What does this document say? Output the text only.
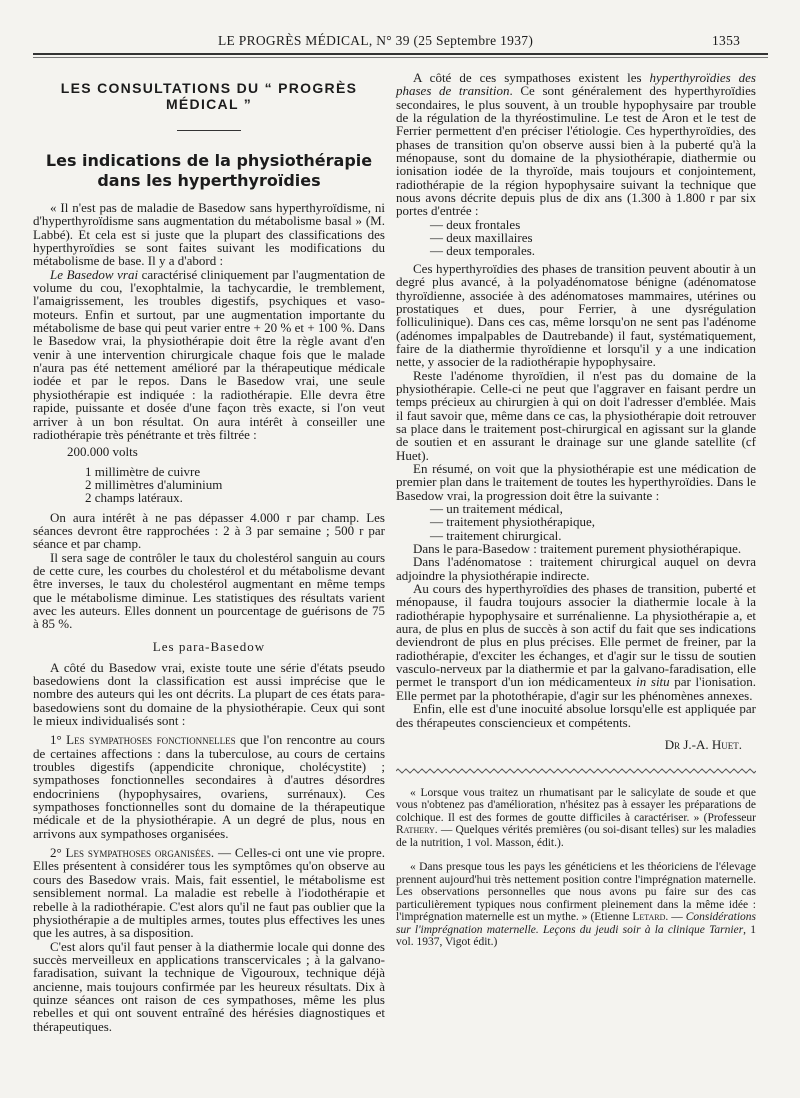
LE PROGRÈS MÉDICAL, N° 39 (25 Septembre 1937)	1353
LES CONSULTATIONS DU “ PROGRÈS MÉDICAL ”
Les indications de la physiothérapie
dans les hyperthyroïdies

« Il n'est pas de maladie de Basedow sans hyperthyroïdisme, ni d'hyperthyroïdisme sans augmentation du métabolisme basal » (M. Labbé). Et cela est si juste que la plupart des classifications des hyperthyroïdies se sont faites suivant les modifications du métabolisme de base. Il y a d'abord :

Le Basedow vrai caractérisé cliniquement par l'augmentation de volume du cou, l'exophtalmie, la tachycardie, le tremblement, l'amaigrissement, les troubles digestifs, psychiques et vaso-moteurs. Enfin et surtout, par une augmentation importante du métabolisme de base qui peut varier entre + 20 % et + 100 %. Dans le Basedow vrai, la physiothérapie doit être la règle avant d'en venir à une intervention chirurgicale chaque fois que le malade n'aura pas été nettement amélioré par la thérapeutique médicale iodée et par le repos. Dans le Basedow vrai, une seule physiothérapie est indiquée : la radiothérapie. Elle devra être rapide, puissante et dosée d'une façon très exacte, si l'on veut arriver à un bon résultat. On aura intérêt à conseiller une radiothérapie très pénétrante et très filtrée :

200.000 volts

1 millimètre de cuivre

2 millimètres d'aluminium

2 champs latéraux.

On aura intérêt à ne pas dépasser 4.000 r par champ. Les séances devront être rapprochées : 2 à 3 par semaine ; 500 r par séance et par champ.

Il sera sage de contrôler le taux du cholestérol sanguin au cours de cette cure, les courbes du cholestérol et du métabolisme devant être inverses, le taux du cholestérol augmentant en même temps que le métabolisme diminue. Les statistiques des résultats varient avec les auteurs. Elles donnent un pourcentage de guérisons de 75 à 85 %.

Les para-Basedow

A côté du Basedow vrai, existe toute une série d'états pseudo basedowiens dont la classification est aussi imprécise que le nombre des auteurs qui les ont décrits. La plupart de ces états para-basedowiens sont du domaine de la physiothérapie. Ceux qui sont le mieux individualisés sont :

1° Les sympathoses fonctionnelles que l'on rencontre au cours de certaines affections : dans la tuberculose, au cours de certains troubles digestifs (appendicite chronique, cholécystite) ; sympathoses fonctionnelles secondaires à d'autres désordres endocriniens (hypophysaires, ovariens, surrénaux). Ces sympathoses fonctionnelles sont du domaine de la thérapeutique médicale et de la physiothérapie. A un degré de plus, nous en arrivons aux sympathoses organisées.

2° Les sympathoses organisées. — Celles-ci ont une vie propre. Elles présentent à considérer tous les symptômes qu'on observe au cours des Basedow vrais. Mais, fait essentiel, le métabolisme est sensiblement normal. La maladie est rebelle à l'iodothérapie et rebelle à la radiothérapie. C'est alors qu'il ne faut pas oublier que la physiothérapie a de multiples armes, toutes plus effectives les unes que les autres, à sa disposition.

C'est alors qu'il faut penser à la diathermie locale qui donne des succès merveilleux en applications transcervicales ; à la galvano-faradisation, suivant la technique de Vigouroux, technique déjà ancienne, mais toujours confirmée par les heureux résultats. Dix à quinze séances ont raison de ces sympathoses, même les plus rebelles et qui ont souvent entraîné des hérésies diagnostiques et thérapeutiques.

A côté de ces sympathoses existent les hyperthyroïdies des phases de transition. Ce sont généralement des hyperthyroïdies secondaires, le plus souvent, à un trouble hypophysaire par trouble de la régulation de la thyréostimuline. Le test de Aron et le test de Ferrier permettent d'en préciser l'étiologie. Ces hyperthyroïdies, des phases de transition qu'on observe aussi bien à la puberté qu'à la ménopause, sont du domaine de la physiothérapie, diathermie ou ionisation iodée de la thyroïde, mais toujours et conjointement, radiothérapie de la région hypophysaire suivant la technique que nous avons décrite depuis plus de dix ans (1.300 à 1.800 r par six portes d'entrée :

— deux frontales

— deux maxillaires

— deux temporales.

Ces hyperthyroïdies des phases de transition peuvent aboutir à un degré plus avancé, à la polyadénomatose bénigne (adénomatose thyroïdienne, associée à des adénomatoses mammaires, utérines ou prostatiques et dues, pour Ferrier, à une dysrégulation folliculinique). Dans ces cas, même lorsqu'on ne sent pas l'adénome (adénomes impalpables de Dautrebande) il faut, systématiquement, faire de la diathermie thyroïdienne et lorsqu'il y a une indication nette, y associer de la radiothérapie hypophysaire.

Reste l'adénome thyroïdien, il n'est pas du domaine de la physiothérapie. Celle-ci ne peut que l'aggraver en faisant perdre un temps précieux au chirurgien à qui on doit l'adresser d'emblée. Mais il faut savoir que, même dans ce cas, la physiothérapie doit retrouver sa place dans le traitement post-chirurgical en agissant sur la glande de soutien et en assurant le drainage sur une glande satellite (cf Huet).

En résumé, on voit que la physiothérapie est une médication de premier plan dans le traitement de toutes les hyperthyroïdies. Dans le Basedow vrai, la progression doit être la suivante :

— un traitement médical,

— traitement physiothérapique,

— traitement chirurgical.

Dans le para-Basedow : traitement purement physiothérapique.

Dans l'adénomatose : traitement chirurgical auquel on devra adjoindre la physiothérapie indirecte.

Au cours des hyperthyroïdies des phases de transition, puberté et ménopause, il faudra toujours associer la diathermie locale à la radiothérapie hypophysaire et surrénalienne. La physiothérapie a, et aura, de plus en plus de succès à son actif du fait que ses indications deviendront de plus en plus précises. Elle permet de freiner, par la radiothérapie, d'exciter les échanges, et d'agir sur le tissu de soutien vasculo-nerveux par la diathermie et par la galvano-faradisation, elle permet le transport d'un ion médicamenteux in situ par l'ionisation. Elle permet par la photothérapie, d'agir sur les phénomènes annexes.

Enfin, elle est d'une inocuité absolue lorsqu'elle est appliquée par des thérapeutes consciencieux et compétents.

Dr J.-A. Huet.

« Lorsque vous traitez un rhumatisant par le salicylate de soude et que vous n'obtenez pas d'amélioration, n'hésitez pas à essayer les préparations de colchique. Il est des formes de goutte difficiles à caractériser. » (Professeur Rathery. — Quelques vérités premières (ou soi-disant telles) sur les maladies de la nutrition, 1 vol. Masson, édit.).

« Dans presque tous les pays les généticiens et les théoriciens de l'élevage prennent aujourd'hui très nettement position contre l'imprégnation maternelle. Les observations personnelles que nous avons pu faire sur des cas particulièrement typiques nous confirment pleinement dans la même idée : l'imprégnation maternelle est un mythe. » (Etienne Letard. — Considérations sur l'imprégnation maternelle. Leçons du jeudi soir à la clinique Tarnier, 1 vol. 1937, Vigot édit.)
